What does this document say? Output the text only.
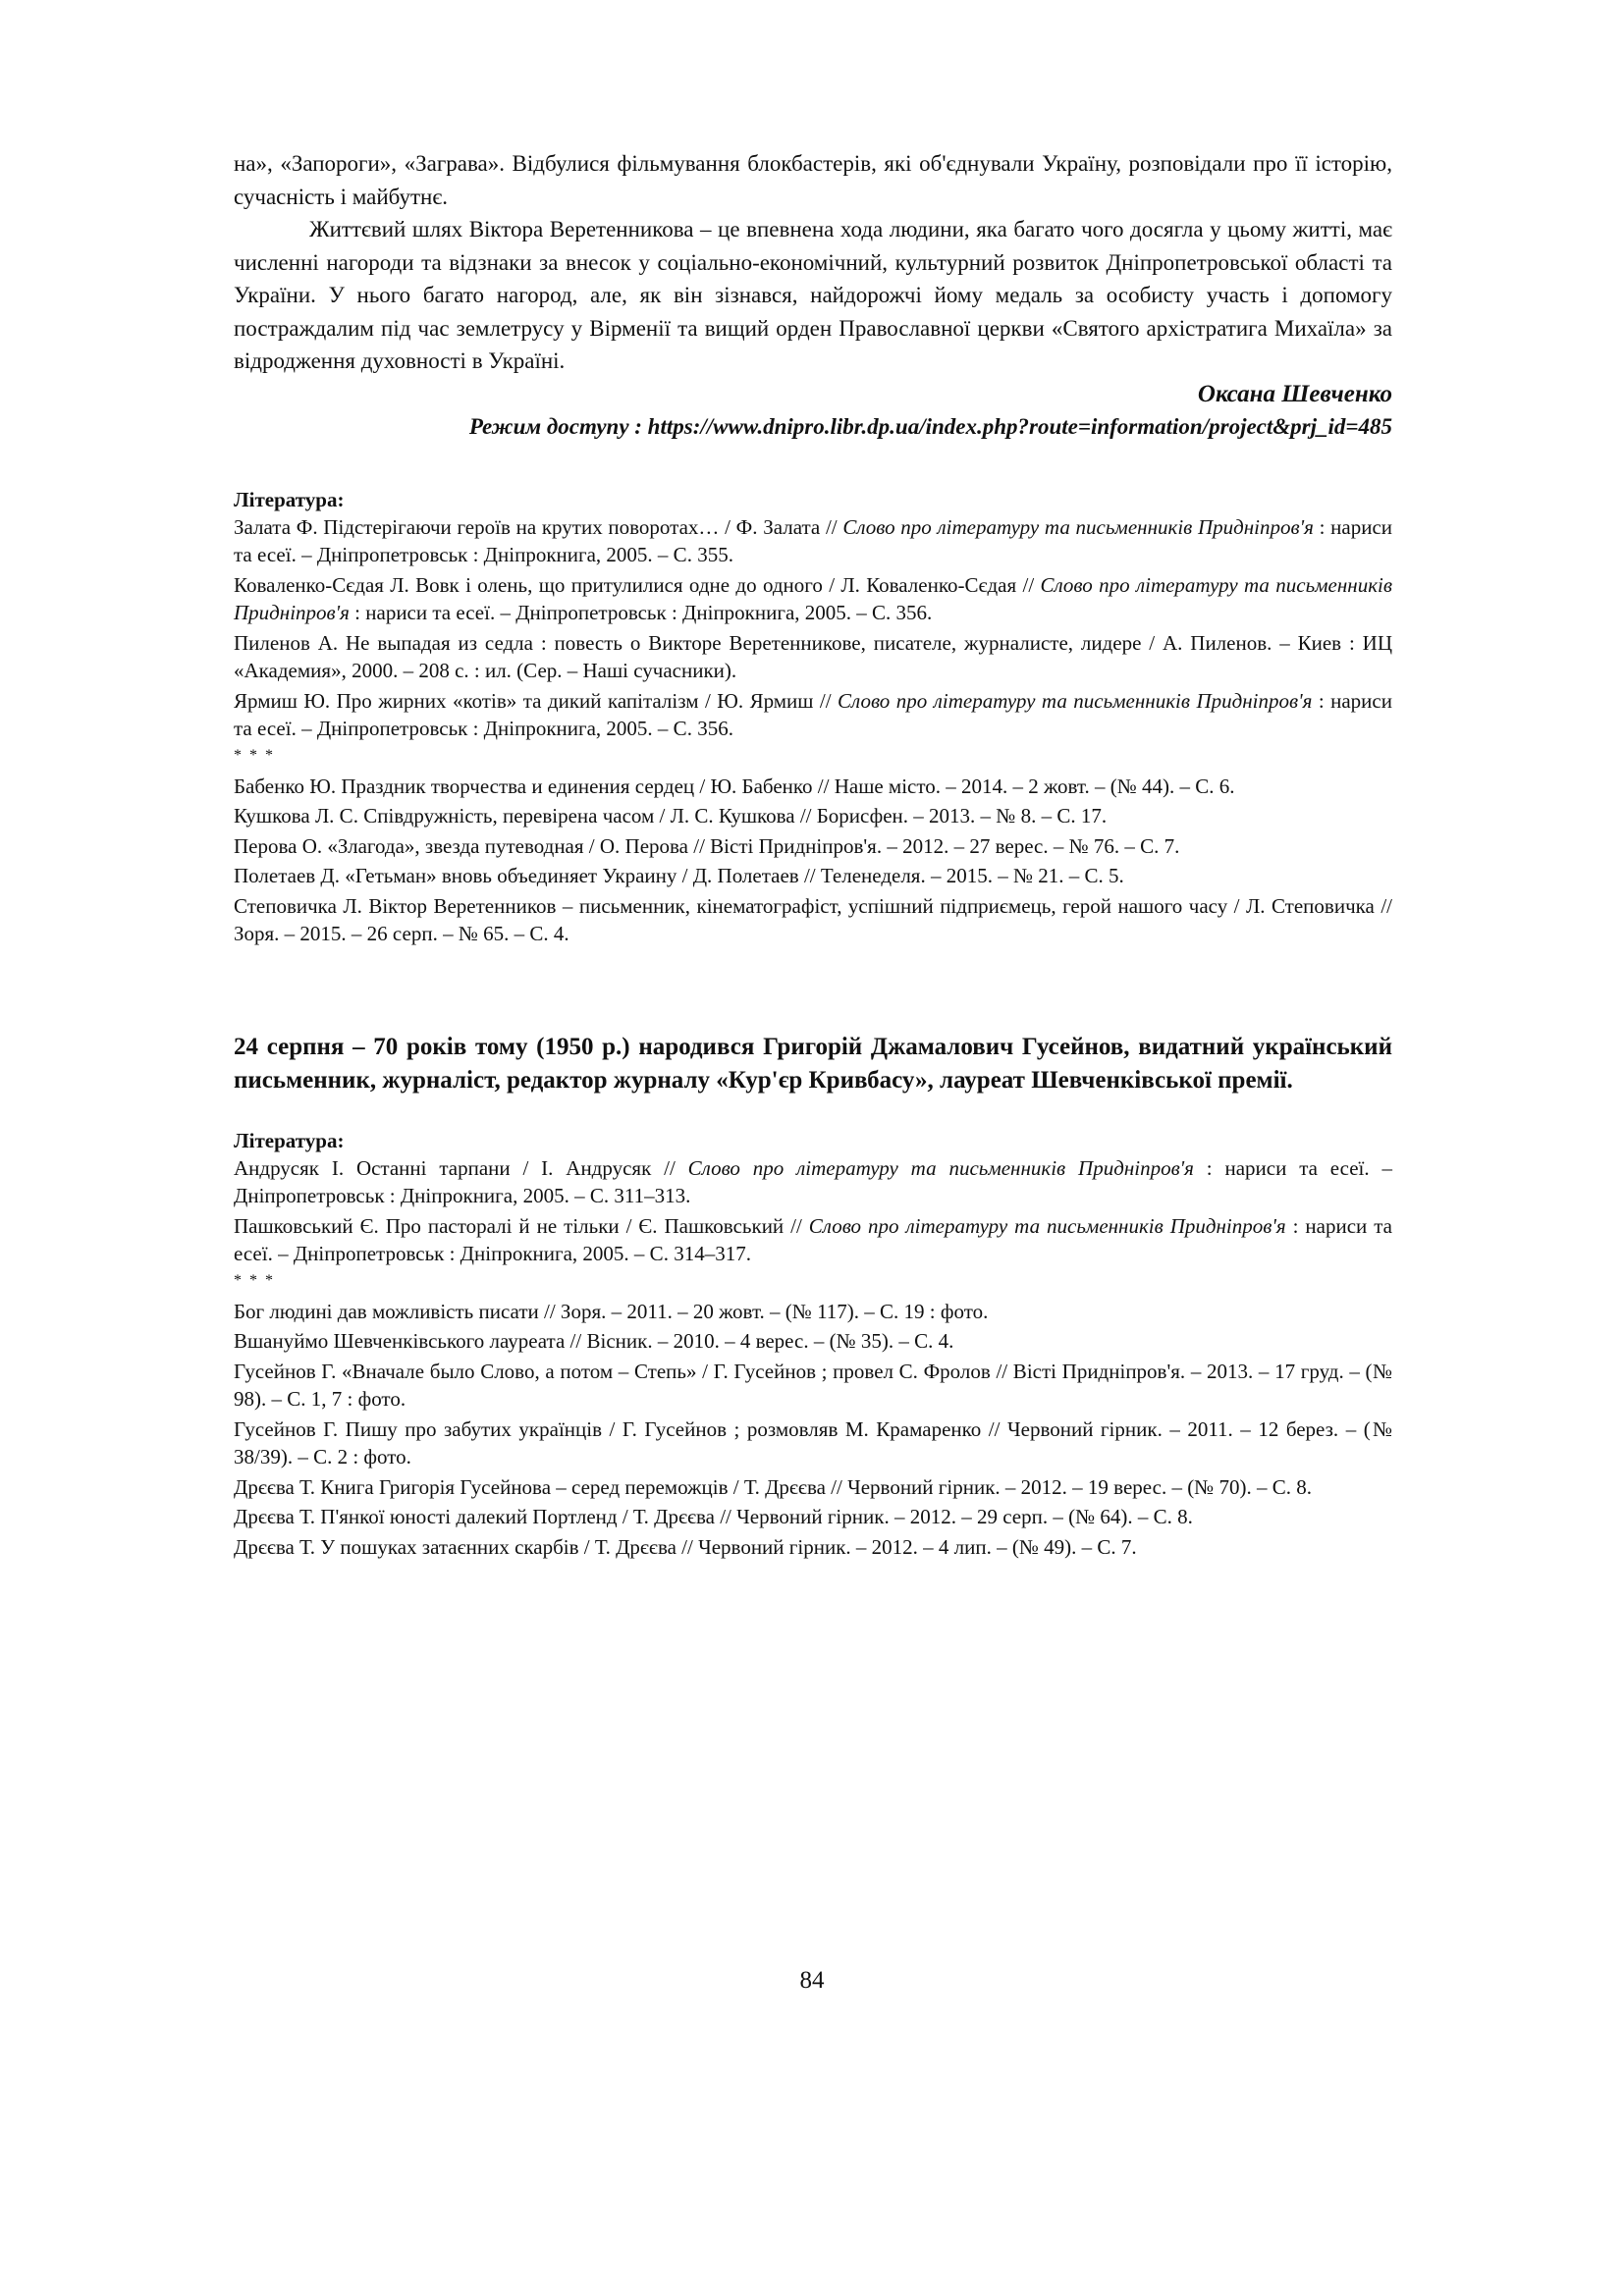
на», «Запороги», «Заграва». Відбулися фільмування блокбастерів, які об'єднували Україну, розповідали про її історію, сучасність і майбутнє.

Життєвий шлях Віктора Веретенникова – це впевнена хода людини, яка багато чого досягла у цьому житті, має численні нагороди та відзнаки за внесок у соціально-економічний, культурний розвиток Дніпропетровської області та України. У нього багато нагород, але, як він зізнався, найдорожчі йому медаль за особисту участь і допомогу постраждалим під час землетрусу у Вірменії та вищий орден Православної церкви «Святого архістратига Михаїла» за відродження духовності в Україні.

Оксана Шевченко

Режим доступу : https://www.dnipro.libr.dp.ua/index.php?route=information/project&prj_id=485

Література:

Залата Ф. Підстерігаючи героїв на крутих поворотах… / Ф. Залата // Слово про літературу та письменників Придніпров'я : нариси та есеї. – Дніпропетровськ : Дніпрокнига, 2005. – С. 355.

Коваленко-Сєдая Л. Вовк і олень, що притулилися одне до одного / Л. Коваленко-Сєдая // Слово про літературу та письменників Придніпров'я : нариси та есеї. – Дніпропетровськ : Дніпрокнига, 2005. – С. 356.

Пиленов А. Не выпадая из седла : повесть о Викторе Веретенникове, писателе, журналисте, лидере / А. Пиленов. – Киев : ИЦ «Академия», 2000. – 208 с. : ил. (Сер. – Наші сучасники).

Ярмиш Ю. Про жирних «котів» та дикий капіталізм / Ю. Ярмиш // Слово про літературу та письменників Придніпров'я : нариси та есеї. – Дніпропетровськ : Дніпрокнига, 2005. – С. 356.

* * *

Бабенко Ю. Праздник творчества и единения сердец / Ю. Бабенко // Наше місто. – 2014. – 2 жовт. – (№ 44). – С. 6.

Кушкова Л. С. Співдружність, перевірена часом / Л. С. Кушкова // Борисфен. – 2013. – № 8. – С. 17.

Перова О. «Злагода», звезда путеводная / О. Перова // Вісті Придніпров'я. – 2012. – 27 верес. – № 76. – С. 7.

Полетаев Д. «Гетьман» вновь объединяет Украину / Д. Полетаев // Теленеделя. – 2015. – № 21. – С. 5.

Степовичка Л. Віктор Веретенников – письменник, кінематографіст, успішний підприємець, герой нашого часу / Л. Степовичка // Зоря. – 2015. – 26 серп. – № 65. – С. 4.

24 серпня – 70 років тому (1950 р.) народився Григорій Джамалович Гусейнов, видатний український письменник, журналіст, редактор журналу «Кур'єр Кривбасу», лауреат Шевченківської премії.

Література:

Андрусяк І. Останні тарпани / І. Андрусяк // Слово про літературу та письменників Придніпров'я : нариси та есеї. – Дніпропетровськ : Дніпрокнига, 2005. – С. 311–313.

Пашковський Є. Про пасторалі й не тільки / Є. Пашковський // Слово про літературу та письменників Придніпров'я : нариси та есеї. – Дніпропетровськ : Дніпрокнига, 2005. – С. 314–317.

* * *

Бог людині дав можливість писати // Зоря. – 2011. – 20 жовт. – (№ 117). – С. 19 : фото.

Вшануймо Шевченківського лауреата // Вісник. – 2010. – 4 верес. – (№ 35). – С. 4.

Гусейнов Г. «Вначале было Слово, а потом – Степь» / Г. Гусейнов ; провел С. Фролов // Вісті Придніпров'я. – 2013. – 17 груд. – (№ 98). – С. 1, 7 : фото.

Гусейнов Г. Пишу про забутих українців / Г. Гусейнов ; розмовляв М. Крамаренко // Червоний гірник. – 2011. – 12 берез. – (№ 38/39). – С. 2 : фото.

Дрєєва Т. Книга Григорія Гусейнова – серед переможців / Т. Дрєєва // Червоний гірник. – 2012. – 19 верес. – (№ 70). – С. 8.

Дрєєва Т. П'янкої юності далекий Портленд / Т. Дрєєва // Червоний гірник. – 2012. – 29 серп. – (№ 64). – С. 8.

Дрєєва Т. У пошуках затаєнних скарбів / Т. Дрєєва // Червоний гірник. – 2012. – 4 лип. – (№ 49). – С. 7.

84
